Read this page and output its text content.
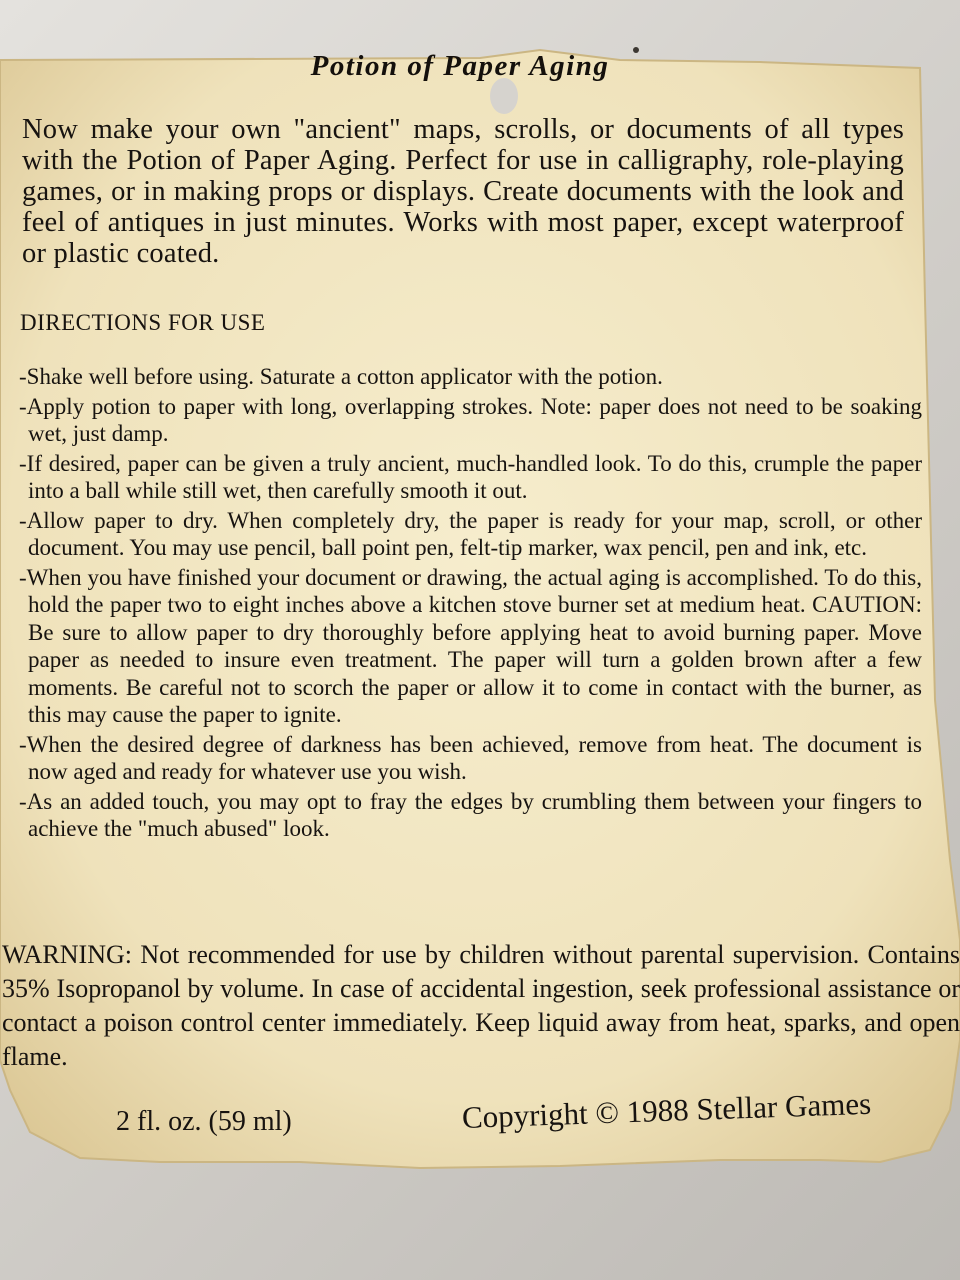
Potion of Paper Aging

Now make your own "ancient" maps, scrolls, or documents of all types with the Potion of Paper Aging. Perfect for use in calligraphy, role-playing games, or in making props or displays. Create documents with the look and feel of antiques in just minutes. Works with most paper, except waterproof or plastic coated.

DIRECTIONS FOR USE
-Shake well before using. Saturate a cotton applicator with the potion.
-Apply potion to paper with long, overlapping strokes. Note: paper does not need to be soaking wet, just damp.
-If desired, paper can be given a truly ancient, much-handled look. To do this, crumple the paper into a ball while still wet, then carefully smooth it out.
-Allow paper to dry. When completely dry, the paper is ready for your map, scroll, or other document. You may use pencil, ball point pen, felt-tip marker, wax pencil, pen and ink, etc.
-When you have finished your document or drawing, the actual aging is accomplished. To do this, hold the paper two to eight inches above a kitchen stove burner set at medium heat. CAUTION: Be sure to allow paper to dry thoroughly before applying heat to avoid burning paper. Move paper as needed to insure even treatment. The paper will turn a golden brown after a few moments. Be careful not to scorch the paper or allow it to come in contact with the burner, as this may cause the paper to ignite.
-When the desired degree of darkness has been achieved, remove from heat. The document is now aged and ready for whatever use you wish.
-As an added touch, you may opt to fray the edges by crumbling them between your fingers to achieve the "much abused" look.

WARNING: Not recommended for use by children without parental supervision. Contains 35% Isopropanol by volume. In case of accidental ingestion, seek professional assistance or contact a poison control center immediately. Keep liquid away from heat, sparks, and open flame.

2 fl. oz. (59 ml)	Copyright © 1988 Stellar Games
